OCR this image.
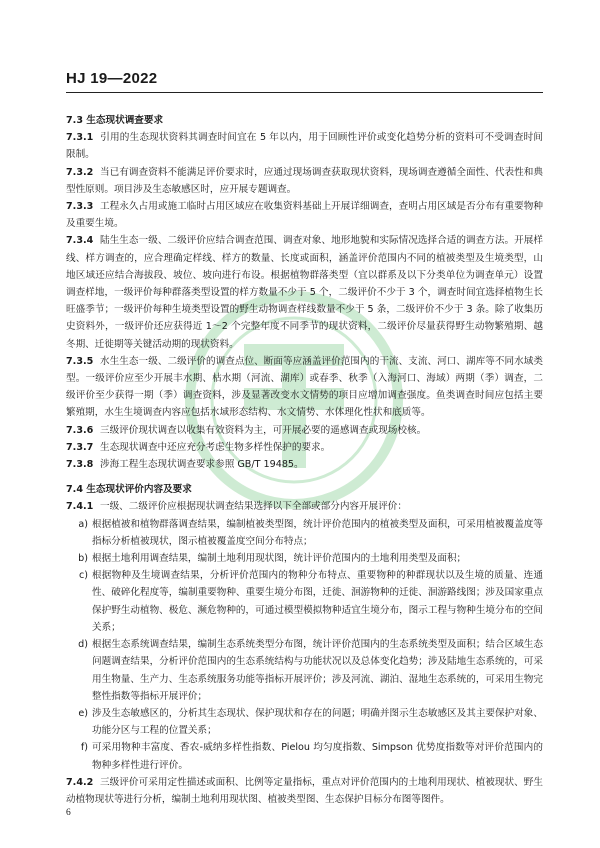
HJ 19—2022
7.3 生态现状调查要求
7.3.1 引用的生态现状资料其调查时间宜在 5 年以内，用于回顾性评价或变化趋势分析的资料可不受调查时间限制。
7.3.2 当已有调查资料不能满足评价要求时，应通过现场调查获取现状资料，现场调查遵循全面性、代表性和典型性原则。项目涉及生态敏感区时，应开展专题调查。
7.3.3 工程永久占用或施工临时占用区域应在收集资料基础上开展详细调查，查明占用区域是否分布有重要物种及重要生境。
7.3.4 陆生生态一级、二级评价应结合调查范围、调查对象、地形地貌和实际情况选择合适的调查方法。开展样线、样方调查的，应合理确定样线、样方的数量、长度或面积，涵盖评价范围内不同的植被类型及生境类型，山地区域还应结合海拔段、坡位、坡向进行布设。根据植物群落类型（宜以群系及以下分类单位为调查单元）设置调查样地，一级评价每种群落类型设置的样方数量不少于 5 个，二级评价不少于 3 个，调查时间宜选择植物生长旺盛季节；一级评价每种生境类型设置的野生动物调查样线数量不少于 5 条，二级评价不少于 3 条。除了收集历史资料外，一级评价还应获得近 1～2 个完整年度不同季节的现状资料，二级评价尽量获得野生动物繁殖期、越冬期、迁徙期等关键活动期的现状资料。
7.3.5 水生生态一级、二级评价的调查点位、断面等应涵盖评价范围内的干流、支流、河口、湖库等不同水域类型。一级评价应至少开展丰水期、枯水期（河流、湖库）或春季、秋季（入海河口、海域）两期（季）调查，二级评价至少获得一期（季）调查资料，涉及显著改变水文情势的项目应增加调查强度。鱼类调查时间应包括主要繁殖期，水生生境调查内容应包括水域形态结构、水文情势、水体理化性状和底质等。
7.3.6 三级评价现状调查以收集有效资料为主，可开展必要的遥感调查或现场校核。
7.3.7 生态现状调查中还应充分考虑生物多样性保护的要求。
7.3.8 涉海工程生态现状调查要求参照 GB/T 19485。
7.4 生态现状评价内容及要求
7.4.1 一级、二级评价应根据现状调查结果选择以下全部或部分内容开展评价：
a) 根据植被和植物群落调查结果，编制植被类型图，统计评价范围内的植被类型及面积，可采用植被覆盖度等指标分析植被现状，图示植被覆盖度空间分布特点；
b) 根据土地利用调查结果，编制土地利用现状图，统计评价范围内的土地利用类型及面积；
c) 根据物种及生境调查结果，分析评价范围内的物种分布特点、重要物种的种群现状以及生境的质量、连通性、破碎化程度等，编制重要物种、重要生境分布图，迁徙、洄游物种的迁徙、洄游路线图；涉及国家重点保护野生动植物、极危、濒危物种的，可通过模型模拟物种适宜生境分布，图示工程与物种生境分布的空间关系；
d) 根据生态系统调查结果，编制生态系统类型分布图，统计评价范围内的生态系统类型及面积；结合区域生态问题调查结果，分析评价范围内的生态系统结构与功能状况以及总体变化趋势；涉及陆地生态系统的，可采用生物量、生产力、生态系统服务功能等指标开展评价；涉及河流、湖泊、湿地生态系统的，可采用生物完整性指数等指标开展评价；
e) 涉及生态敏感区的，分析其生态现状、保护现状和存在的问题；明确并图示生态敏感区及其主要保护对象、功能分区与工程的位置关系；
f) 可采用物种丰富度、香农-威纳多样性指数、Pielou 均匀度指数、Simpson 优势度指数等对评价范围内的物种多样性进行评价。
7.4.2 三级评价可采用定性描述或面积、比例等定量指标，重点对评价范围内的土地利用现状、植被现状、野生动植物现状等进行分析，编制土地利用现状图、植被类型图、生态保护目标分布图等图件。
6
